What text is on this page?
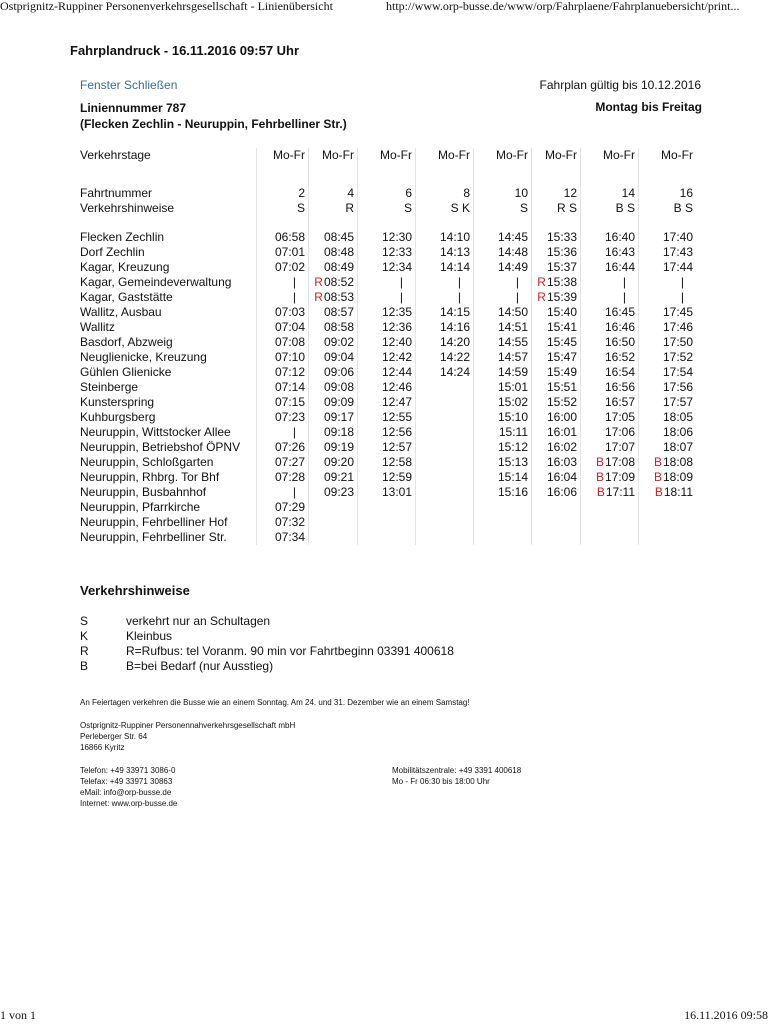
Ostprignitz-Ruppiner Personenverkehrsgesellschaft - Linienübersicht	http://www.orp-busse.de/www/orp/Fahrplaene/Fahrplanuebersicht/print...
Fahrplandruck - 16.11.2016 09:57 Uhr
Fenster Schließen	Fahrplan gültig bis 10.12.2016
Liniennummer 787
(Flecken Zechlin - Neuruppin, Fehrbelliner Str.)
Montag bis Freitag
Verkehrstage	Mo-Fr	Mo-Fr	Mo-Fr	Mo-Fr	Mo-Fr	Mo-Fr	Mo-Fr	Mo-Fr

Fahrtnummer	2	4	6	8	10	12	14	16
Verkehrshinweise	S	R	S	S K	S	R S	B S	B S

Flecken Zechlin	06:58	08:45	12:30	14:10	14:45	15:33	16:40	17:40
Dorf Zechlin	07:01	08:48	12:33	14:13	14:48	15:36	16:43	17:43
Kagar, Kreuzung	07:02	08:49	12:34	14:14	14:49	15:37	16:44	17:44
Kagar, Gemeindeverwaltung	|	R08:52	|	|	|	R15:38	|	|
Kagar, Gaststätte	|	R08:53	|	|	|	R15:39	|	|
Wallitz, Ausbau	07:03	08:57	12:35	14:15	14:50	15:40	16:45	17:45
Wallitz	07:04	08:58	12:36	14:16	14:51	15:41	16:46	17:46
Basdorf, Abzweig	07:08	09:02	12:40	14:20	14:55	15:45	16:50	17:50
Neuglienicke, Kreuzung	07:10	09:04	12:42	14:22	14:57	15:47	16:52	17:52
Gühlen Glienicke	07:12	09:06	12:44	14:24	14:59	15:49	16:54	17:54
Steinberge	07:14	09:08	12:46		15:01	15:51	16:56	17:56
Kunsterspring	07:15	09:09	12:47		15:02	15:52	16:57	17:57
Kuhburgsberg	07:23	09:17	12:55		15:10	16:00	17:05	18:05
Neuruppin, Wittstocker Allee	|	09:18	12:56		15:11	16:01	17:06	18:06
Neuruppin, Betriebshof ÖPNV	07:26	09:19	12:57		15:12	16:02	17:07	18:07
Neuruppin, Schloßgarten	07:27	09:20	12:58		15:13	16:03	B17:08	B18:08
Neuruppin, Rhbrg. Tor Bhf	07:28	09:21	12:59		15:14	16:04	B17:09	B18:09
Neuruppin, Busbahnhof	|	09:23	13:01		15:16	16:06	B17:11	B18:11
Neuruppin, Pfarrkirche	07:29							
Neuruppin, Fehrbelliner Hof	07:32							
Neuruppin, Fehrbelliner Str.	07:34							
Verkehrshinweise
S	verkehrt nur an Schultagen
K	Kleinbus
R	R=Rufbus: tel Voranm. 90 min vor Fahrtbeginn 03391 400618
B	B=bei Bedarf (nur Ausstieg)
An Feiertagen verkehren die Busse wie an einem Sonntag. Am 24. und 31. Dezember wie an einem Samstag!
Ostprignitz-Ruppiner Personennahverkehrsgesellschaft mbH
Perleberger Str. 64
16866 Kyritz
Telefon: +49 33971 3086-0
Telefax: +49 33971 30863
eMail: info@orp-busse.de
Internet: www.orp-busse.de
Mobilitätszentrale: +49 3391 400618
Mo - Fr 06:30 bis 18:00 Uhr
1 von 1	16.11.2016 09:58
